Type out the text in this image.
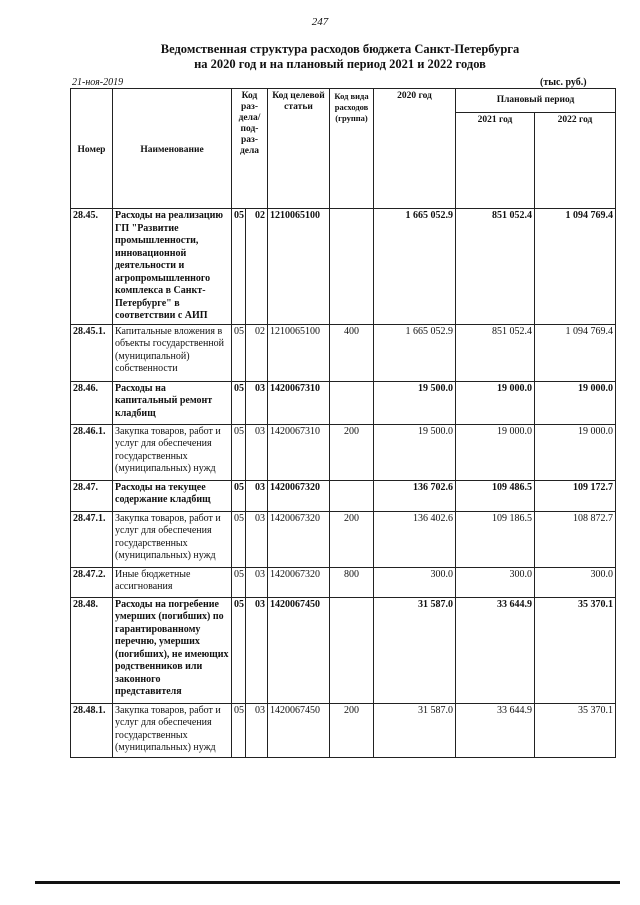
247
Ведомственная структура расходов бюджета Санкт-Петербурга
на 2020 год и на плановый период 2021 и 2022 годов
21-ноя-2019	(тыс. руб.)
Номер	Наименование	Код раз- дела/ под- раз- дела		Код целевой статьи	Код вида расходов (группа)	2020 год	Плановый период	
							2021 год	2022 год
28.45.	Расходы на реализацию ГП "Развитие промышленности, инновационной деятельности и агропромышленного комплекса в Санкт-Петербурге" в соответствии с АИП	05	02	1210065100		1 665 052.9	851 052.4	1 094 769.4
28.45.1.	Капитальные вложения в объекты государственной (муниципальной) собственности	05	02	1210065100	400	1 665 052.9	851 052.4	1 094 769.4
28.46.	Расходы на капитальный ремонт кладбищ	05	03	1420067310		19 500.0	19 000.0	19 000.0
28.46.1.	Закупка товаров, работ и услуг для обеспечения государственных (муниципальных) нужд	05	03	1420067310	200	19 500.0	19 000.0	19 000.0
28.47.	Расходы на текущее содержание кладбищ	05	03	1420067320		136 702.6	109 486.5	109 172.7
28.47.1.	Закупка товаров, работ и услуг для обеспечения государственных (муниципальных) нужд	05	03	1420067320	200	136 402.6	109 186.5	108 872.7
28.47.2.	Иные бюджетные ассигнования	05	03	1420067320	800	300.0	300.0	300.0
28.48.	Расходы на погребение умерших (погибших) по гарантированному перечню, умерших (погибших), не имеющих родственников или законного представителя	05	03	1420067450		31 587.0	33 644.9	35 370.1
28.48.1.	Закупка товаров, работ и услуг для обеспечения государственных (муниципальных) нужд	05	03	1420067450	200	31 587.0	33 644.9	35 370.1
